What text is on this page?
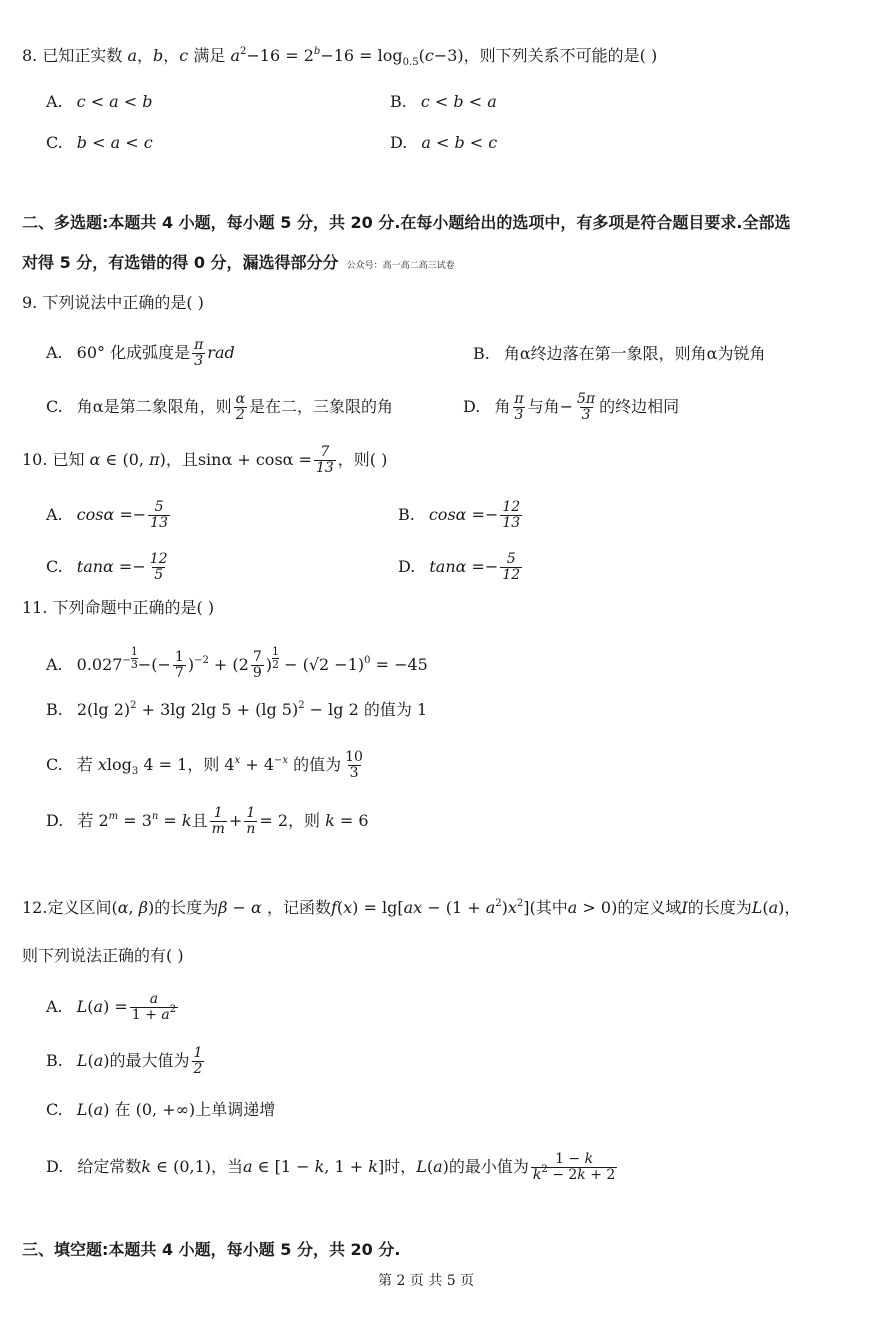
8. 已知正实数 a，b，c 满足 $a^2-16 = 2^b-16 = \log_{0.5}(c-3)$，则下列关系不可能的是( )
A. c < a < b	B. c < b < a
C. b < a < c	D. a < b < c
二、多选题:本题共 4 小题，每小题 5 分，共 20 分.在每小题给出的选项中，有多项是符合题目要求.全部选
对得 5 分，有选错的得 0 分，漏选得部分分 公众号：高一高二高三试卷
9. 下列说法中正确的是( )
A. 60° 化成弧度是 $\frac{\pi}{3}$ rad	B. 角α终边落在第一象限，则角α为锐角
C. 角α是第二象限角，则 $\frac{\alpha}{2}$ 是在二，三象限的角	D. 角 $\frac{\pi}{3}$ 与角− $\frac{5\pi}{3}$ 的终边相同
10. 已知 α ∈ (0, π)，且$\sin\alpha + \cos\alpha = \frac{7}{13}$ ，则( )
A. $\cos\alpha =- \frac{5}{13}$	B. $\cos\alpha =- \frac{12}{13}$
C. $\tan\alpha =- \frac{12}{5}$	D. $\tan\alpha =- \frac{5}{12}$
11. 下列命题中正确的是( )
A. $0.027^{- \frac{1}{3}}$ −(− $\frac{1}{7} )^{-2} + (2 \frac{7}{9}$ ) $^{\frac{1}{2}} - (√2 -1)^0 = -45$
B. 2(lg 2)$^2$ + 3lg 2lg 5 + (lg 5)$^2$ − lg 2 的值为 1
C. 若 xlog$_3$ 4 = 1，则 $4^x + 4^{-x}$ 的值为 $\frac{10}{3}$
D. 若 $2^m = 3^n = k$且 $\frac{1}{m} + \frac{1}{n} = 2$，则 k = 6
12.定义区间(α, β)的长度为β − α ，记函数$f(x) = \lg[ax - (1 + a^2)x^2]$(其中a > 0)的定义域I的长度为L(a)，
则下列说法正确的有( )
A. $L(a) = \frac{a}{1 + a^2}$
B. L(a)的最大值为 $\frac{1}{2}$
C. L(a) 在 (0, +∞)上单调递增
D. 给定常数k ∈ (0,1)，当a ∈ [1 − k, 1 + k]时，L(a)的最小值为 $\frac{1 - k}{k^2 - 2k + 2}$
三、填空题:本题共 4 小题，每小题 5 分，共 20 分.
第 2 页 共 5 页
